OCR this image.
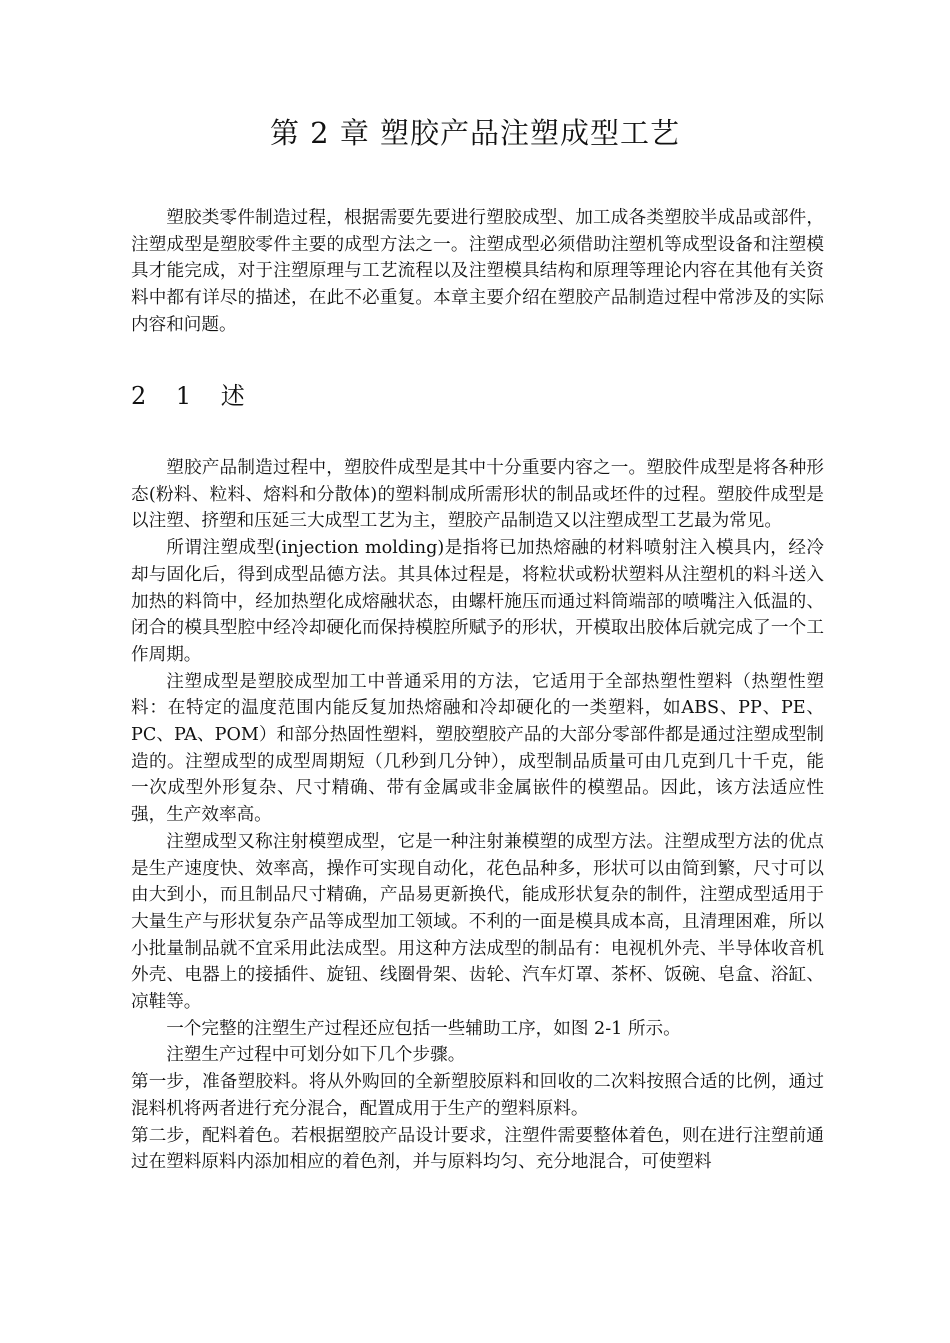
第 2 章 塑胶产品注塑成型工艺

塑胶类零件制造过程，根据需要先要进行塑胶成型、加工成各类塑胶半成品或部件，注塑成型是塑胶零件主要的成型方法之一。注塑成型必须借助注塑机等成型设备和注塑模具才能完成，对于注塑原理与工艺流程以及注塑模具结构和原理等理论内容在其他有关资料中都有详尽的描述，在此不必重复。本章主要介绍在塑胶产品制造过程中常涉及的实际内容和问题。

2 1 述

塑胶产品制造过程中，塑胶件成型是其中十分重要内容之一。塑胶件成型是将各种形态(粉料、粒料、熔料和分散体)的塑料制成所需形状的制品或坯件的过程。塑胶件成型是以注塑、挤塑和压延三大成型工艺为主，塑胶产品制造又以注塑成型工艺最为常见。

所谓注塑成型(injection molding)是指将已加热熔融的材料喷射注入模具内，经冷却与固化后，得到成型品德方法。其具体过程是，将粒状或粉状塑料从注塑机的料斗送入加热的料筒中，经加热塑化成熔融状态，由螺杆施压而通过料筒端部的喷嘴注入低温的、闭合的模具型腔中经冷却硬化而保持模腔所赋予的形状，开模取出胶体后就完成了一个工作周期。

注塑成型是塑胶成型加工中普通采用的方法，它适用于全部热塑性塑料（热塑性塑料：在特定的温度范围内能反复加热熔融和冷却硬化的一类塑料，如ABS、PP、PE、PC、PA、POM）和部分热固性塑料，塑胶塑胶产品的大部分零部件都是通过注塑成型制造的。注塑成型的成型周期短（几秒到几分钟），成型制品质量可由几克到几十千克，能一次成型外形复杂、尺寸精确、带有金属或非金属嵌件的模塑品。因此，该方法适应性强，生产效率高。

注塑成型又称注射模塑成型，它是一种注射兼模塑的成型方法。注塑成型方法的优点是生产速度快、效率高，操作可实现自动化，花色品种多，形状可以由简到繁，尺寸可以由大到小，而且制品尺寸精确，产品易更新换代，能成形状复杂的制件，注塑成型适用于大量生产与形状复杂产品等成型加工领域。不利的一面是模具成本高，且清理困难，所以小批量制品就不宜采用此法成型。用这种方法成型的制品有：电视机外壳、半导体收音机外壳、电器上的接插件、旋钮、线圈骨架、齿轮、汽车灯罩、茶杯、饭碗、皂盒、浴缸、凉鞋等。

一个完整的注塑生产过程还应包括一些辅助工序，如图 2-1 所示。

注塑生产过程中可划分如下几个步骤。

第一步，准备塑胶料。将从外购回的全新塑胶原料和回收的二次料按照合适的比例，通过混料机将两者进行充分混合，配置成用于生产的塑料原料。

第二步，配料着色。若根据塑胶产品设计要求，注塑件需要整体着色，则在进行注塑前通过在塑料原料内添加相应的着色剂，并与原料均匀、充分地混合，可使塑料
